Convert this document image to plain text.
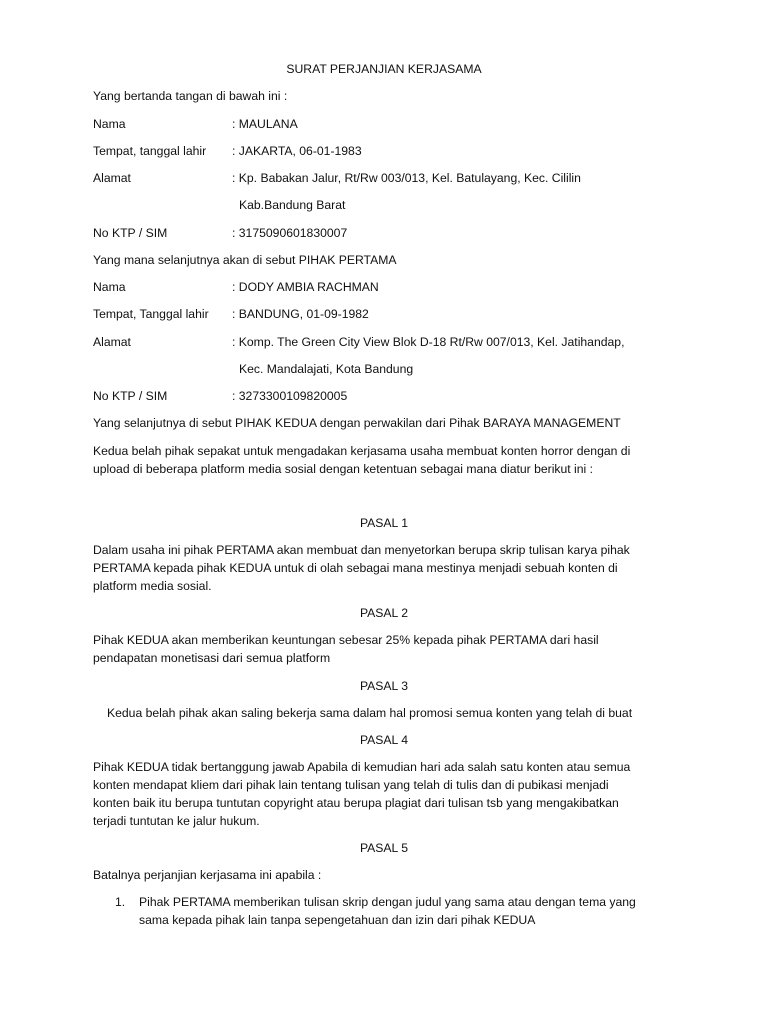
SURAT PERJANJIAN KERJASAMA
Yang bertanda tangan di bawah ini :
Nama	: MAULANA
Tempat, tanggal lahir : JAKARTA, 06-01-1983
Alamat	: Kp. Babakan Jalur, Rt/Rw 003/013, Kel. Batulayang, Kec. Cililin
Kab.Bandung Barat
No KTP / SIM	: 3175090601830007
Yang mana selanjutnya akan di sebut PIHAK PERTAMA
Nama	: DODY AMBIA RACHMAN
Tempat, Tanggal lahir : BANDUNG, 01-09-1982
Alamat	: Komp. The Green City View Blok D-18 Rt/Rw 007/013, Kel. Jatihandap,
Kec. Mandalajati, Kota Bandung
No KTP / SIM	: 3273300109820005
Yang selanjutnya di sebut PIHAK KEDUA dengan perwakilan dari Pihak BARAYA MANAGEMENT
Kedua belah pihak sepakat untuk mengadakan kerjasama usaha membuat konten horror dengan di
upload di beberapa platform media sosial dengan ketentuan sebagai mana diatur berikut ini :
PASAL 1
Dalam usaha ini pihak PERTAMA akan membuat dan menyetorkan berupa skrip tulisan karya pihak
PERTAMA kepada pihak KEDUA untuk di olah sebagai mana mestinya menjadi sebuah konten di
platform media sosial.
PASAL 2
Pihak KEDUA akan memberikan keuntungan sebesar 25% kepada pihak PERTAMA dari hasil
pendapatan monetisasi dari semua platform
PASAL 3
Kedua belah pihak akan saling bekerja sama dalam hal promosi semua konten yang telah di buat
PASAL 4
Pihak KEDUA tidak bertanggung jawab Apabila di kemudian hari ada salah satu konten atau semua
konten mendapat kliem dari pihak lain tentang tulisan yang telah di tulis dan di pubikasi menjadi
konten baik itu berupa tuntutan copyright atau berupa plagiat dari tulisan tsb yang mengakibatkan
terjadi tuntutan ke jalur hukum.
PASAL 5
Batalnya perjanjian kerjasama ini apabila :
1. Pihak PERTAMA memberikan tulisan skrip dengan judul yang sama atau dengan tema yang
sama kepada pihak lain tanpa sepengetahuan dan izin dari pihak KEDUA
